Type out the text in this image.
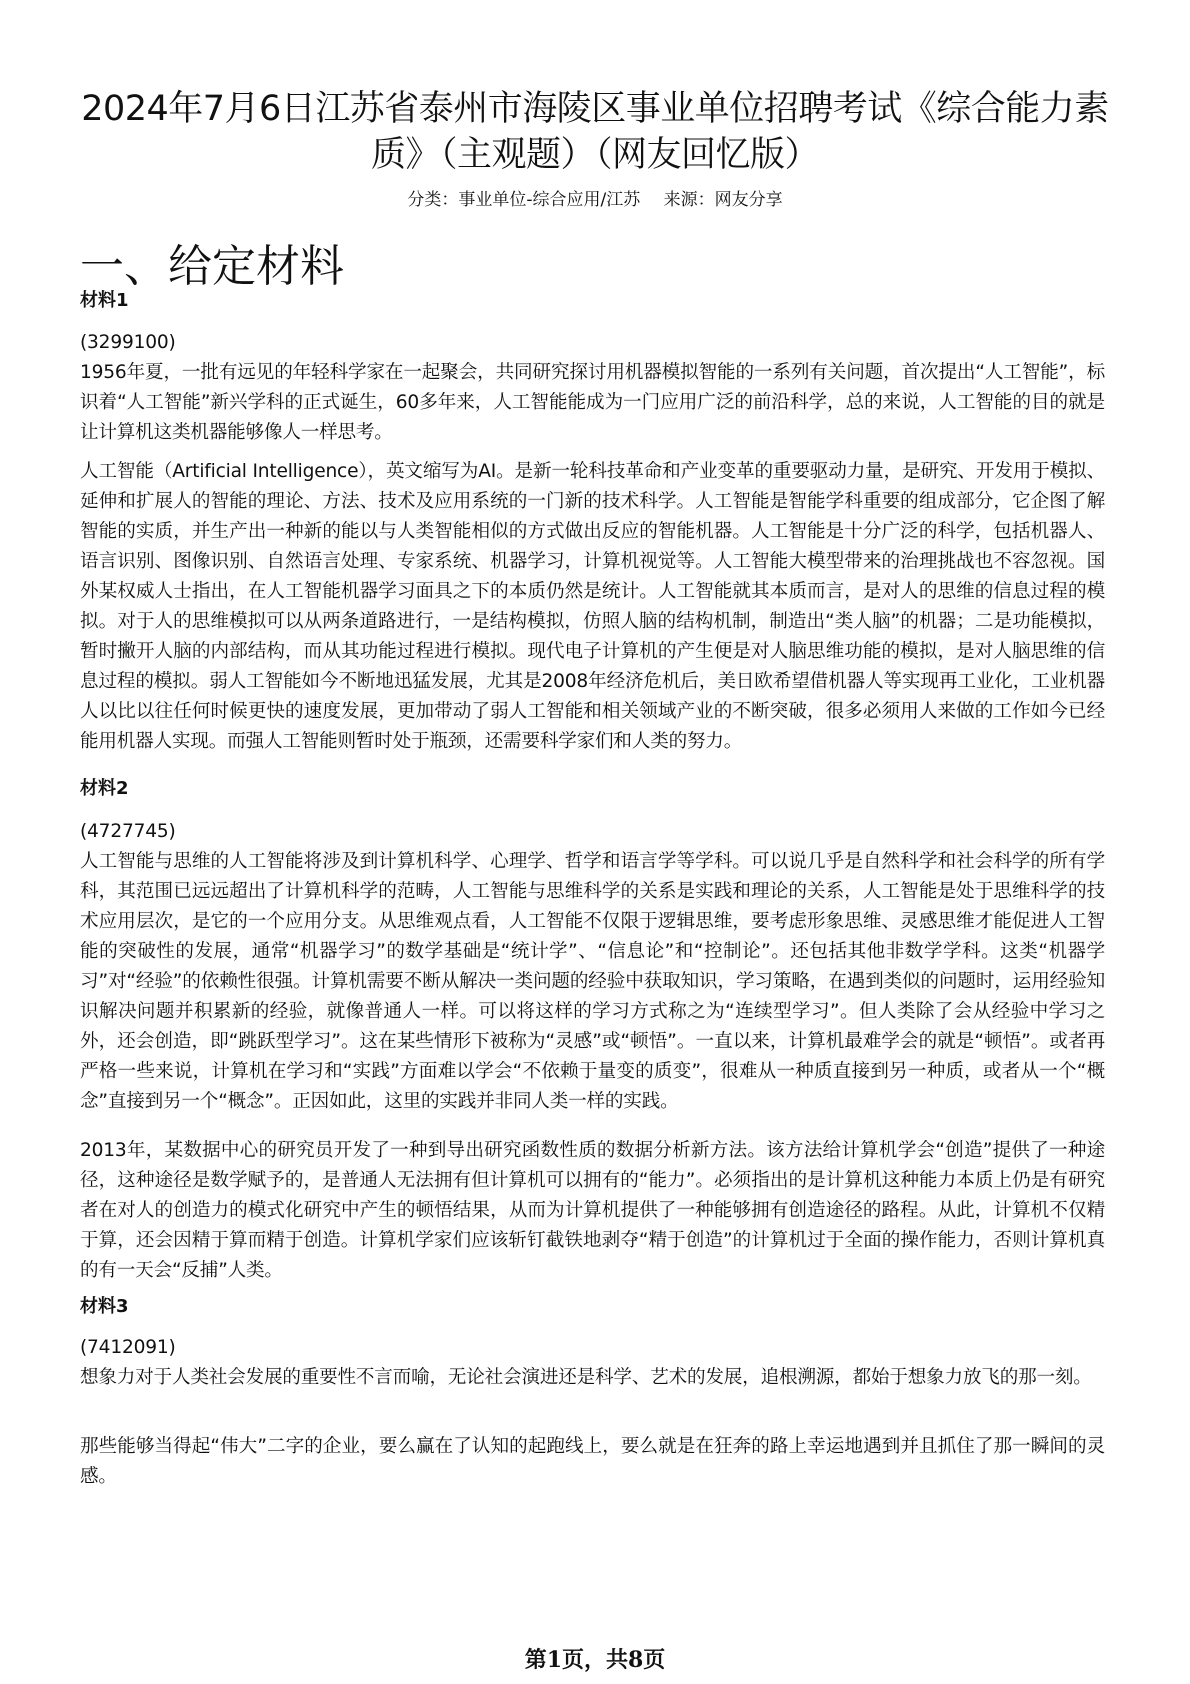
2024年7月6日江苏省泰州市海陵区事业单位招聘考试《综合能力素质》（主观题）（网友回忆版）
分类：事业单位-综合应用/江苏 来源：网友分享
一、给定材料
材料1
(3299100)
1956年夏，一批有远见的年轻科学家在一起聚会，共同研究探讨用机器模拟智能的一系列有关问题，首次提出“人工智能”，标识着“人工智能”新兴学科的正式诞生，60多年来，人工智能能成为一门应用广泛的前沿科学，总的来说，人工智能的目的就是让计算机这类机器能够像人一样思考。

人工智能（Artificial Intelligence），英文缩写为AI。是新一轮科技革命和产业变革的重要驱动力量，是研究、开发用于模拟、延伸和扩展人的智能的理论、方法、技术及应用系统的一门新的技术科学。人工智能是智能学科重要的组成部分，它企图了解智能的实质，并生产出一种新的能以与人类智能相似的方式做出反应的智能机器。人工智能是十分广泛的科学，包括机器人、语言识别、图像识别、自然语言处理、专家系统、机器学习，计算机视觉等。人工智能大模型带来的治理挑战也不容忽视。国外某权威人士指出，在人工智能机器学习面具之下的本质仍然是统计。人工智能就其本质而言，是对人的思维的信息过程的模拟。对于人的思维模拟可以从两条道路进行，一是结构模拟，仿照人脑的结构机制，制造出“类人脑”的机器；二是功能模拟，暂时撇开人脑的内部结构，而从其功能过程进行模拟。现代电子计算机的产生便是对人脑思维功能的模拟，是对人脑思维的信息过程的模拟。弱人工智能如今不断地迅猛发展，尤其是2008年经济危机后，美日欧希望借机器人等实现再工业化，工业机器人以比以往任何时候更快的速度发展，更加带动了弱人工智能和相关领域产业的不断突破，很多必须用人来做的工作如今已经能用机器人实现。而强人工智能则暂时处于瓶颈，还需要科学家们和人类的努力。

材料2
(4727745)
人工智能与思维的人工智能将涉及到计算机科学、心理学、哲学和语言学等学科。可以说几乎是自然科学和社会科学的所有学科，其范围已远远超出了计算机科学的范畴，人工智能与思维科学的关系是实践和理论的关系，人工智能是处于思维科学的技术应用层次，是它的一个应用分支。从思维观点看，人工智能不仅限于逻辑思维，要考虑形象思维、灵感思维才能促进人工智能的突破性的发展，通常“机器学习”的数学基础是“统计学”、“信息论”和“控制论”。还包括其他非数学学科。这类“机器学习”对“经验”的依赖性很强。计算机需要不断从解决一类问题的经验中获取知识，学习策略，在遇到类似的问题时，运用经验知识解决问题并积累新的经验，就像普通人一样。可以将这样的学习方式称之为“连续型学习”。但人类除了会从经验中学习之外，还会创造，即“跳跃型学习”。这在某些情形下被称为“灵感”或“顿悟”。一直以来，计算机最难学会的就是“顿悟”。或者再严格一些来说，计算机在学习和“实践”方面难以学会“不依赖于量变的质变”，很难从一种质直接到另一种质，或者从一个“概念”直接到另一个“概念”。正因如此，这里的实践并非同人类一样的实践。

2013年，某数据中心的研究员开发了一种到导出研究函数性质的数据分析新方法。该方法给计算机学会“创造”提供了一种途径，这种途径是数学赋予的，是普通人无法拥有但计算机可以拥有的“能力”。必须指出的是计算机这种能力本质上仍是有研究者在对人的创造力的模式化研究中产生的顿悟结果，从而为计算机提供了一种能够拥有创造途径的路程。从此，计算机不仅精于算，还会因精于算而精于创造。计算机学家们应该斩钉截铁地剥夺“精于创造”的计算机过于全面的操作能力，否则计算机真的有一天会“反捕”人类。

材料3
(7412091)
想象力对于人类社会发展的重要性不言而喻，无论社会演进还是科学、艺术的发展，追根溯源，都始于想象力放飞的那一刻。

那些能够当得起“伟大”二字的企业，要么赢在了认知的起跑线上，要么就是在狂奔的路上幸运地遇到并且抓住了那一瞬间的灵感。

第1页，共8页
